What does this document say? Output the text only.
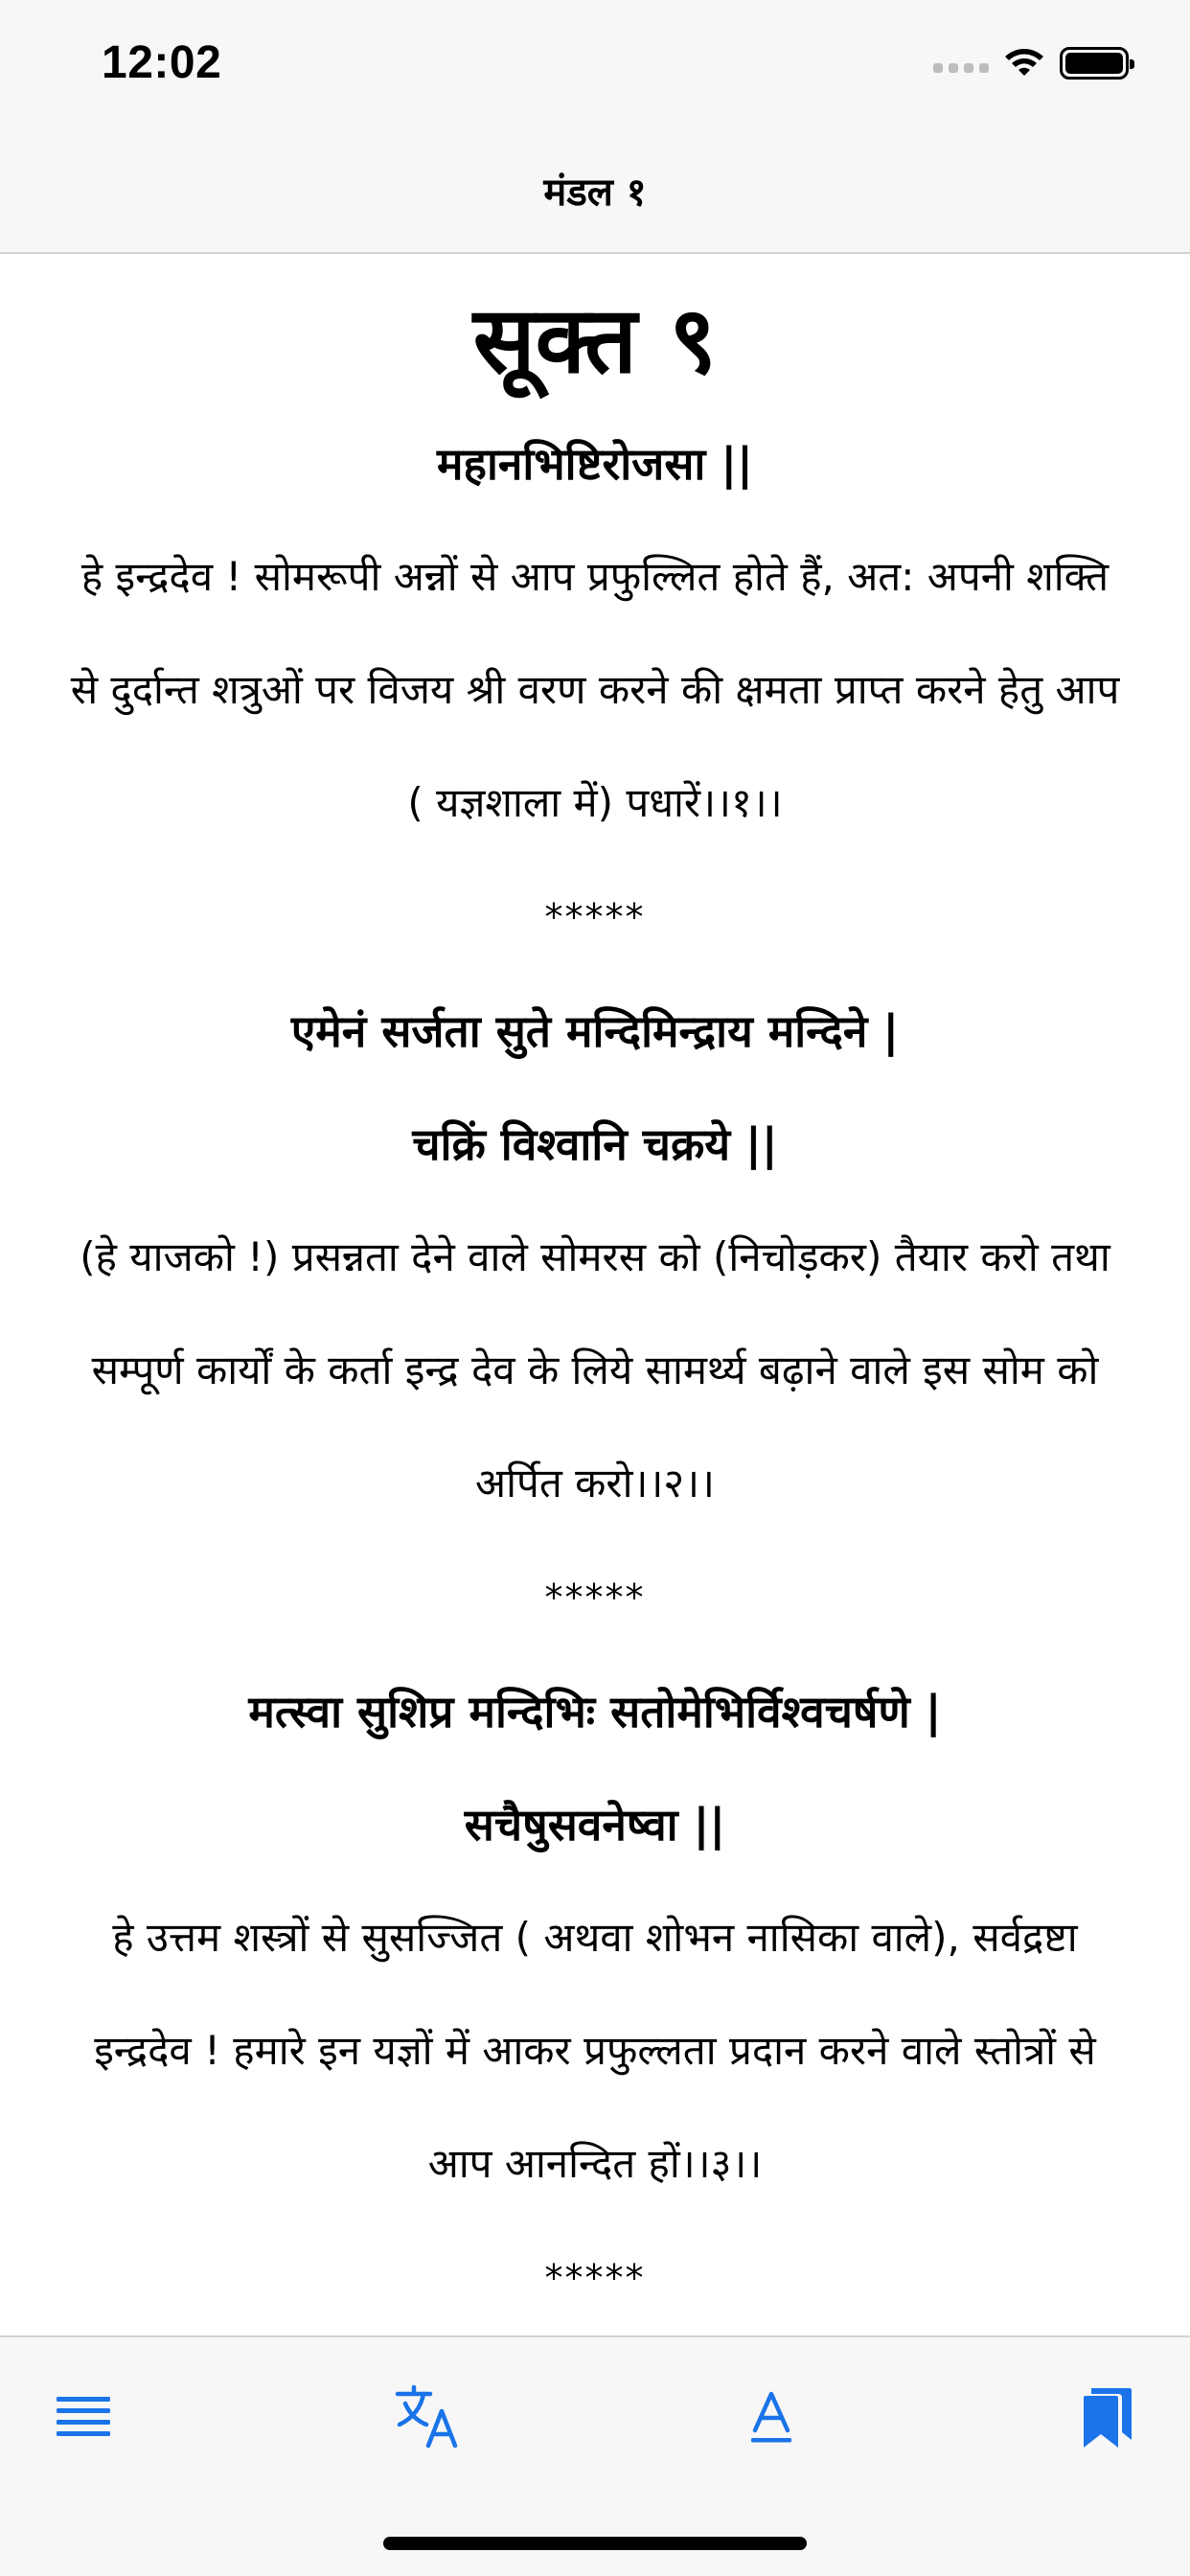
12:02
मंडल १
सूक्त ९

महानभिष्टिरोजसा ||

हे इन्द्रदेव ! सोमरूपी अन्नों से आप प्रफुल्लित होते हैं, अत: अपनी शक्ति

से दुर्दान्त शत्रुओं पर विजय श्री वरण करने की क्षमता प्राप्त करने हेतु आप

( यज्ञशाला में) पधारें।।१।।

*****

एमेनं सर्जता सुते मन्दिमिन्द्राय मन्दिने |

चक्रिं विश्वानि चक्रये ||

(हे याजको !) प्रसन्नता देने वाले सोमरस को (निचोड़कर) तैयार करो तथा

सम्पूर्ण कार्यों के कर्ता इन्द्र देव के लिये सामर्थ्य बढ़ाने वाले इस सोम को

अर्पित करो।।२।।

*****

मत्स्वा सुशिप्र मन्दिभिः सतोमेभिर्विश्वचर्षणे |

सचैषुसवनेष्वा ||

हे उत्तम शस्त्रों से सुसज्जित ( अथवा शोभन नासिका वाले), सर्वद्रष्टा

इन्द्रदेव ! हमारे इन यज्ञों में आकर प्रफुल्लता प्रदान करने वाले स्तोत्रों से

आप आनन्दित हों।।३।।

*****
